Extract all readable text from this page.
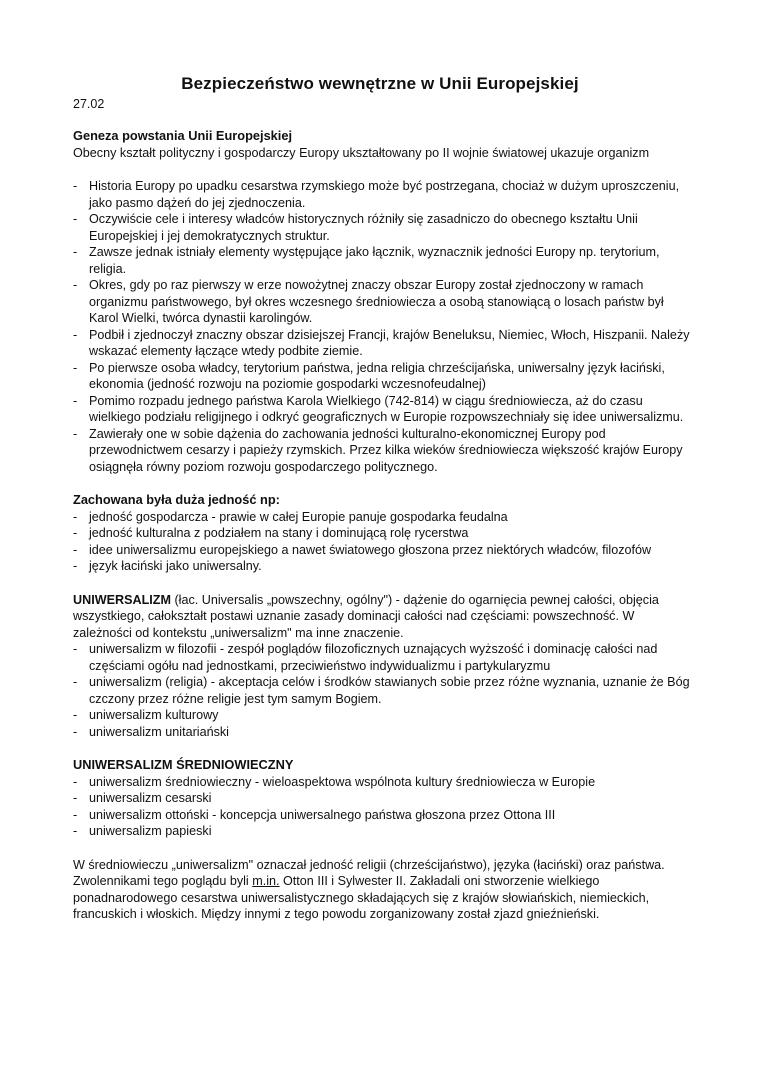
Bezpieczeństwo wewnętrzne w Unii Europejskiej
27.02
Geneza powstania Unii Europejskiej

Obecny kształt polityczny i gospodarczy Europy ukształtowany po II wojnie światowej ukazuje organizm

- Historia Europy po upadku cesarstwa rzymskiego może być postrzegana, chociaż w dużym uproszczeniu, jako pasmo dążeń do jej zjednoczenia.
- Oczywiście cele i interesy władców historycznych różniły się zasadniczo do obecnego kształtu Unii Europejskiej i jej demokratycznych struktur.
- Zawsze jednak istniały elementy występujące jako łącznik, wyznacznik jedności Europy np. terytorium, religia.
- Okres, gdy po raz pierwszy w erze nowożytnej znaczy obszar Europy został zjednoczony w ramach organizmu państwowego, był okres wczesnego średniowiecza a osobą stanowiącą o losach państw był Karol Wielki, twórca dynastii karolingów.
- Podbił i zjednoczył znaczny obszar dzisiejszej Francji, krajów Beneluksu, Niemiec, Włoch, Hiszpanii. Należy wskazać elementy łączące wtedy podbite ziemie.
- Po pierwsze osoba władcy, terytorium państwa, jedna religia chrześcijańska, uniwersalny język łaciński, ekonomia (jedność rozwoju na poziomie gospodarki wczesnofeudalnej)
- Pomimo rozpadu jednego państwa Karola Wielkiego (742-814) w ciągu średniowiecza, aż do czasu wielkiego podziału religijnego i odkryć geograficznych w Europie rozpowszechniały się idee uniwersalizmu.
- Zawierały one w sobie dążenia do zachowania jedności kulturalno-ekonomicznej Europy pod przewodnictwem cesarzy i papieży rzymskich. Przez kilka wieków średniowiecza większość krajów Europy osiągnęła równy poziom rozwoju gospodarczego politycznego.
Zachowana była duża jedność np:
- jedność gospodarcza - prawie w całej Europie panuje gospodarka feudalna
- jedność kulturalna z podziałem na stany i dominującą rolę rycerstwa
- idee uniwersalizmu europejskiego a nawet światowego głoszona przez niektórych władców, filozofów
- język łaciński jako uniwersalny.

UNIWERSALIZM (łac. Universalis „powszechny, ogólny") - dążenie do ogarnięcia pewnej całości, objęcia wszystkiego, całokształt postawi uznanie zasady dominacji całości nad częściami: powszechność. W zależności od kontekstu „uniwersalizm" ma inne znaczenie.

- uniwersalizm w filozofii - zespół poglądów filozoficznych uznających wyższość i dominację całości nad częściami ogółu nad jednostkami, przeciwieństwo indywidualizmu i partykularyzmu
- uniwersalizm (religia) - akceptacja celów i środków stawianych sobie przez różne wyznania, uznanie że Bóg czczony przez różne religie jest tym samym Bogiem.
- uniwersalizm kulturowy
- uniwersalizm unitariański
UNIWERSALIZM ŚREDNIOWIECZNY
- uniwersalizm średniowieczny - wieloaspektowa wspólnota kultury średniowiecza w Europie
- uniwersalizm cesarski
- uniwersalizm ottoński - koncepcja uniwersalnego państwa głoszona przez Ottona III
- uniwersalizm papieski

W średniowieczu „uniwersalizm" oznaczał jedność religii (chrześcijaństwo), języka (łaciński) oraz państwa. Zwolennikami tego poglądu byli m.in. Otton III i Sylwester II. Zakładali oni stworzenie wielkiego ponadnarodowego cesarstwa uniwersalistycznego składających się z krajów słowiańskich, niemieckich, francuskich i włoskich. Między innymi z tego powodu zorganizowany został zjazd gnieźnieński.
